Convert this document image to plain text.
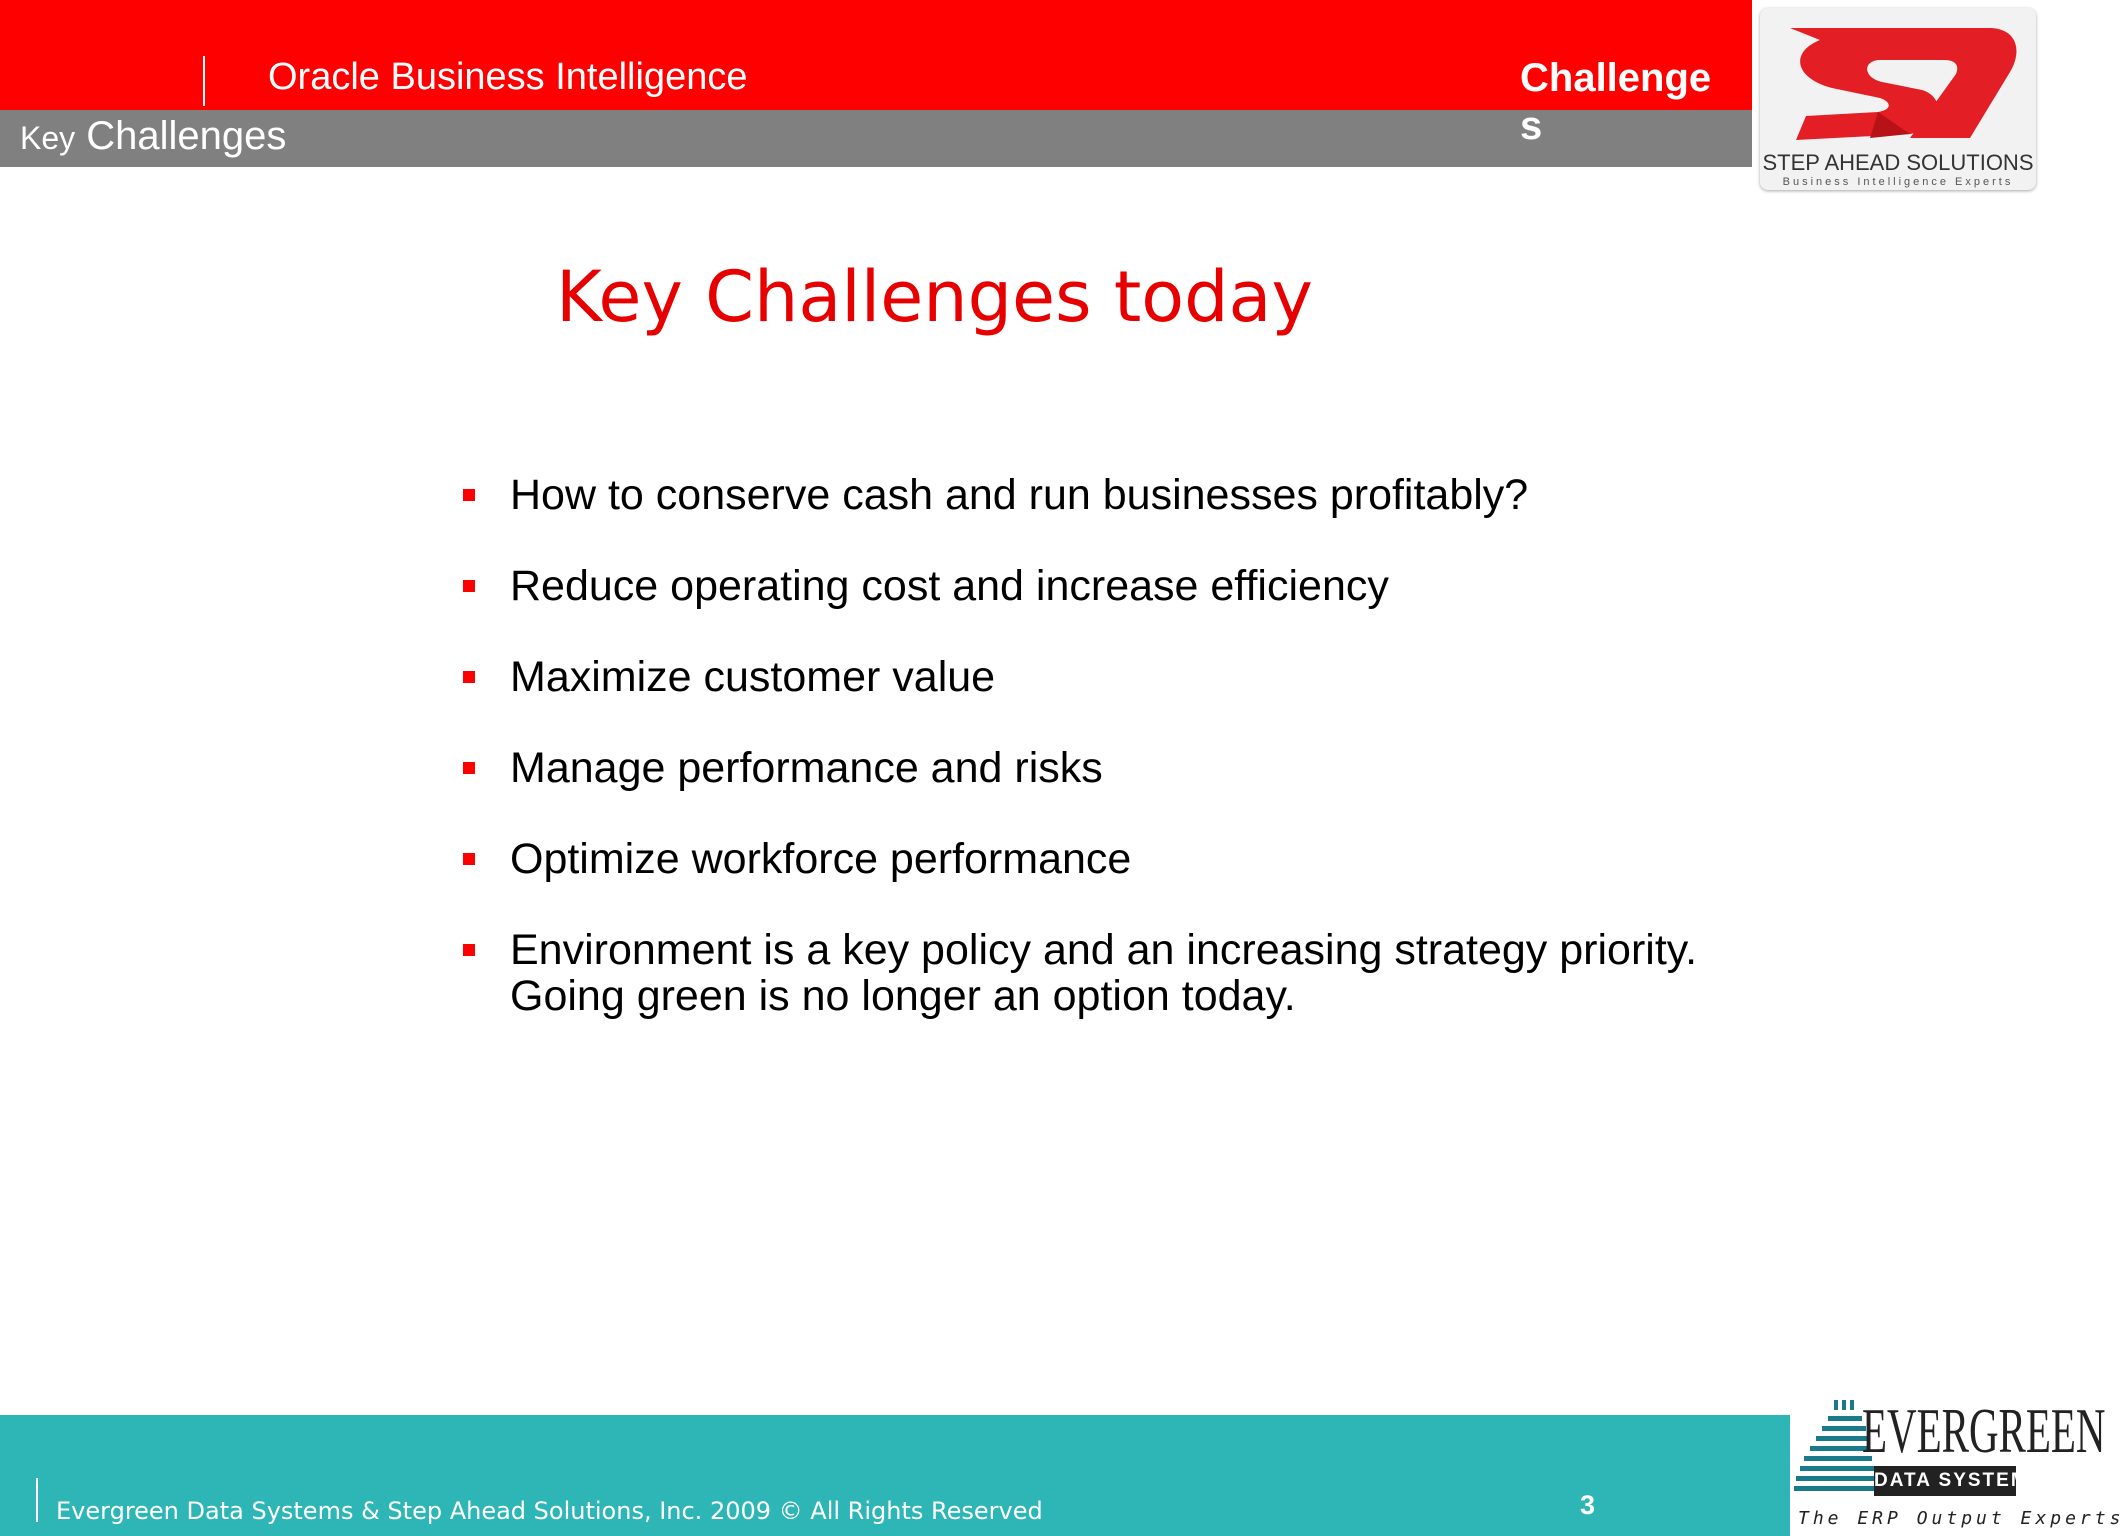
Oracle Business Intelligence
Key Challenges
Challenges
STEP AHEAD SOLUTIONS
Business Intelligence Experts
Key Challenges today
How to conserve cash and run businesses profitably?
Reduce operating cost and increase efficiency
Maximize customer value
Manage performance and risks
Optimize workforce performance
Environment is a key policy and an increasing strategy priority. Going green is no longer an option today.
Evergreen Data Systems & Step Ahead Solutions, Inc. 2009 © All Rights Reserved	3
EVERGREEN
DATA SYSTEMS
The ERP Output Experts
